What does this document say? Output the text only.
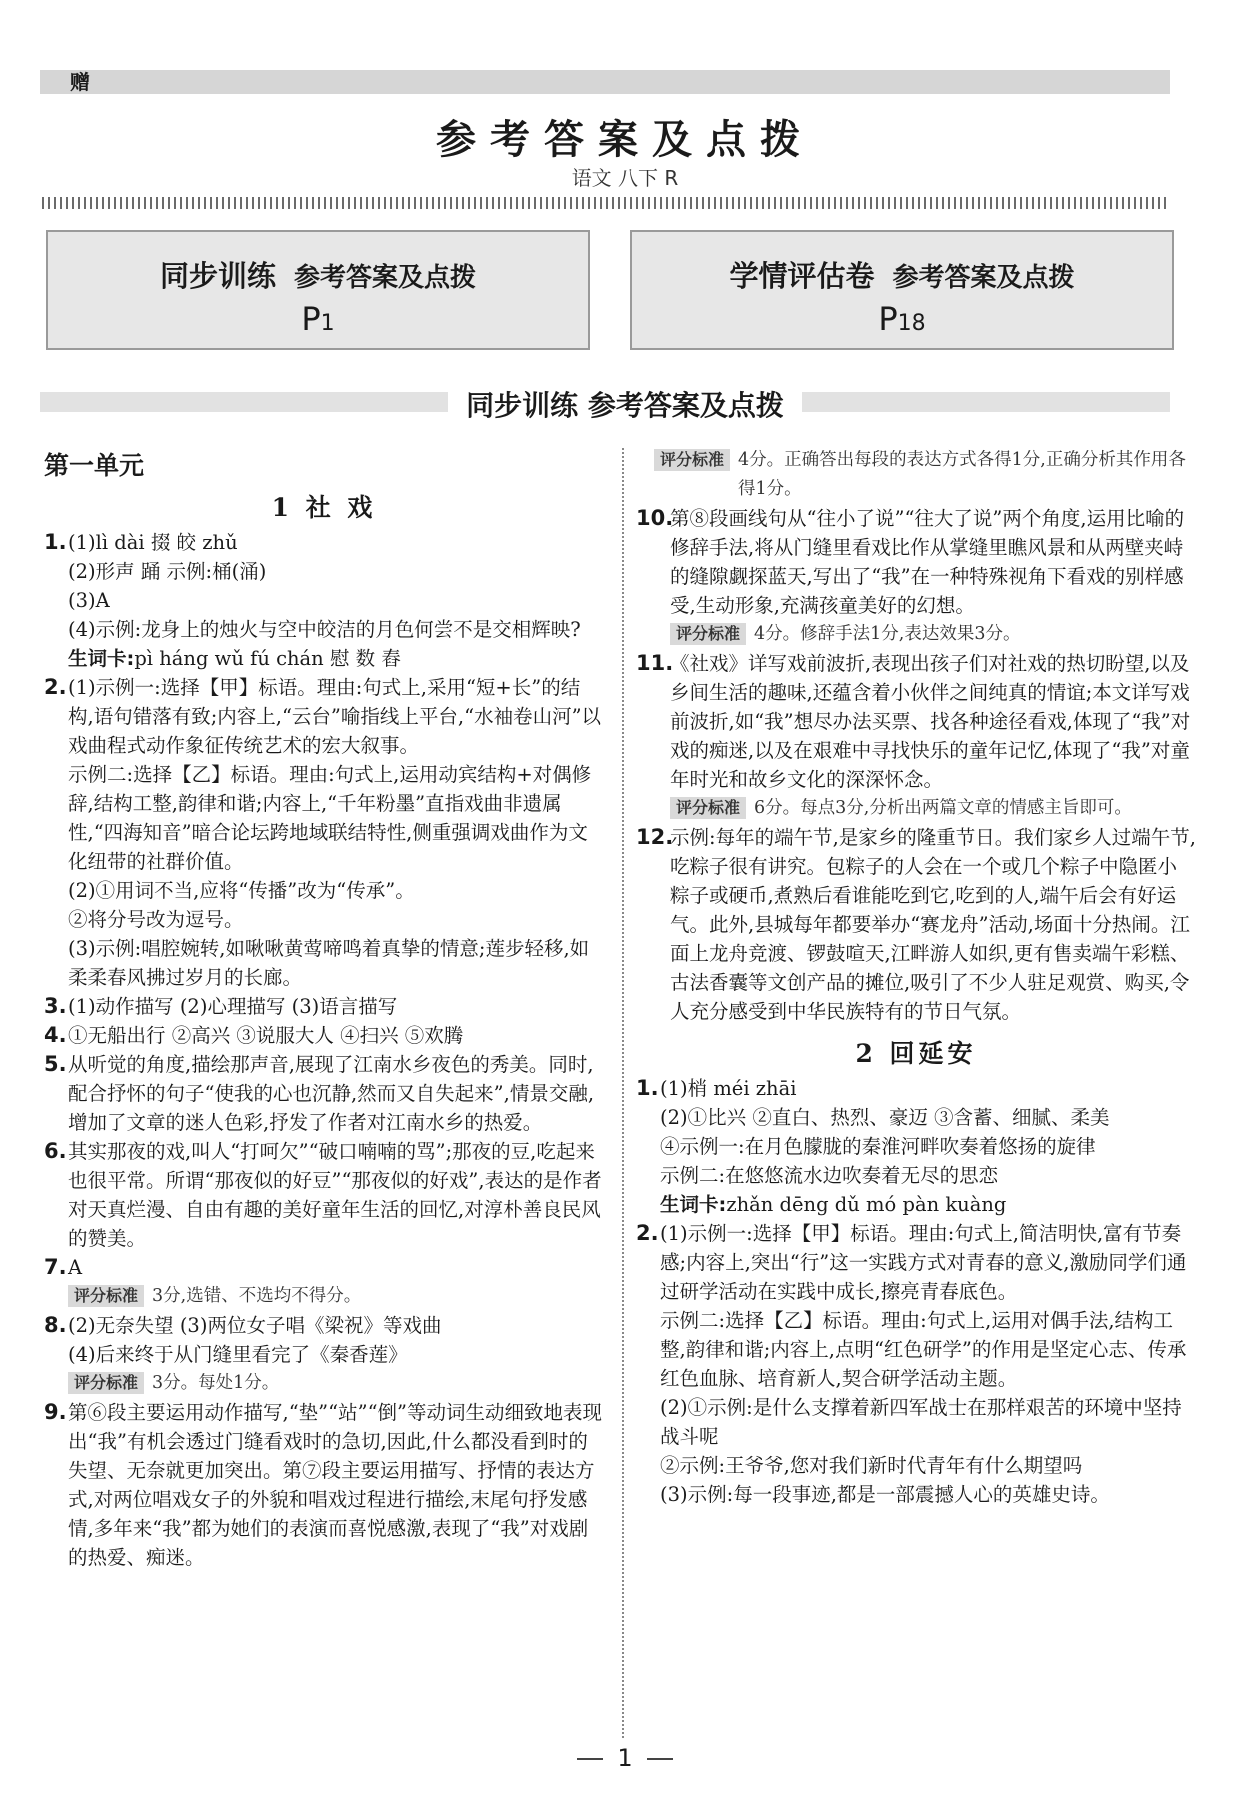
赠
参考答案及点拨
语文 八下 R
同步训练 参考答案及点拨
P1
学情评估卷 参考答案及点拨
P18
同步训练 参考答案及点拨
第一单元
1 社 戏
1. (1)lì dài 掇 皎 zhǔ
(2)形声 踊 示例:桶(涌)
(3)A
(4)示例:龙身上的烛火与空中皎洁的月色何尝不是交相辉映?
生词卡:pì háng wǔ fú chán 慰 数 舂
2. (1)示例一:选择【甲】标语。理由:句式上,采用“短+长”的结构,语句错落有致;内容上,“云台”喻指线上平台,“水袖卷山河”以戏曲程式动作象征传统艺术的宏大叙事。
示例二:选择【乙】标语。理由:句式上,运用动宾结构+对偶修辞,结构工整,韵律和谐;内容上,“千年粉墨”直指戏曲非遗属性,“四海知音”暗合论坛跨地域联结特性,侧重强调戏曲作为文化纽带的社群价值。
(2)①用词不当,应将“传播”改为“传承”。
②将分号改为逗号。
(3)示例:唱腔婉转,如啾啾黄莺啼鸣着真挚的情意;莲步轻移,如柔柔春风拂过岁月的长廊。
3. (1)动作描写 (2)心理描写 (3)语言描写
4. ①无船出行 ②高兴 ③说服大人 ④扫兴 ⑤欢腾
5. 从听觉的角度,描绘那声音,展现了江南水乡夜色的秀美。同时,配合抒怀的句子“使我的心也沉静,然而又自失起来”,情景交融,增加了文章的迷人色彩,抒发了作者对江南水乡的热爱。
6. 其实那夜的戏,叫人“打呵欠”“破口喃喃的骂”;那夜的豆,吃起来也很平常。所谓“那夜似的好豆”“那夜似的好戏”,表达的是作者对天真烂漫、自由有趣的美好童年生活的回忆,对淳朴善良民风的赞美。
7. A
评分标准 3分,选错、不选均不得分。
8. (2)无奈失望 (3)两位女子唱《梁祝》等戏曲
(4)后来终于从门缝里看完了《秦香莲》
评分标准 3分。每处1分。
9. 第⑥段主要运用动作描写,“垫”“站”“倒”等动词生动细致地表现出“我”有机会透过门缝看戏时的急切,因此,什么都没看到时的失望、无奈就更加突出。第⑦段主要运用描写、抒情的表达方式,对两位唱戏女子的外貌和唱戏过程进行描绘,末尾句抒发感情,多年来“我”都为她们的表演而喜悦感激,表现了“我”对戏剧的热爱、痴迷。
评分标准 4分。正确答出每段的表达方式各得1分,正确分析其作用各得1分。
10.
第⑧段画线句从“往小了说”“往大了说”两个角度,运用比喻的修辞手法,将从门缝里看戏比作从掌缝里瞧风景和从两壁夹峙的缝隙觑探蓝天,写出了“我”在一种特殊视角下看戏的别样感受,生动形象,充满孩童美好的幻想。
评分标准 4分。修辞手法1分,表达效果3分。
11.
《社戏》详写戏前波折,表现出孩子们对社戏的热切盼望,以及乡间生活的趣味,还蕴含着小伙伴之间纯真的情谊;本文详写戏前波折,如“我”想尽办法买票、找各种途径看戏,体现了“我”对戏的痴迷,以及在艰难中寻找快乐的童年记忆,体现了“我”对童年时光和故乡文化的深深怀念。
评分标准 6分。每点3分,分析出两篇文章的情感主旨即可。
12.
示例:每年的端午节,是家乡的隆重节日。我们家乡人过端午节,吃粽子很有讲究。包粽子的人会在一个或几个粽子中隐匿小粽子或硬币,煮熟后看谁能吃到它,吃到的人,端午后会有好运气。此外,县城每年都要举办“赛龙舟”活动,场面十分热闹。江面上龙舟竞渡、锣鼓喧天,江畔游人如织,更有售卖端午彩糕、古法香囊等文创产品的摊位,吸引了不少人驻足观赏、购买,令人充分感受到中华民族特有的节日气氛。
2 回延安
1. (1)梢 méi zhāi
(2)①比兴 ②直白、热烈、豪迈 ③含蓄、细腻、柔美
④示例一:在月色朦胧的秦淮河畔吹奏着悠扬的旋律
示例二:在悠悠流水边吹奏着无尽的思恋
生词卡:zhǎn dēng dǔ mó pàn kuàng
2. (1)示例一:选择【甲】标语。理由:句式上,简洁明快,富有节奏感;内容上,突出“行”这一实践方式对青春的意义,激励同学们通过研学活动在实践中成长,擦亮青春底色。
示例二:选择【乙】标语。理由:句式上,运用对偶手法,结构工整,韵律和谐;内容上,点明“红色研学”的作用是坚定心志、传承红色血脉、培育新人,契合研学活动主题。
(2)①示例:是什么支撑着新四军战士在那样艰苦的环境中坚持战斗呢
②示例:王爷爷,您对我们新时代青年有什么期望吗
(3)示例:每一段事迹,都是一部震撼人心的英雄史诗。
1
